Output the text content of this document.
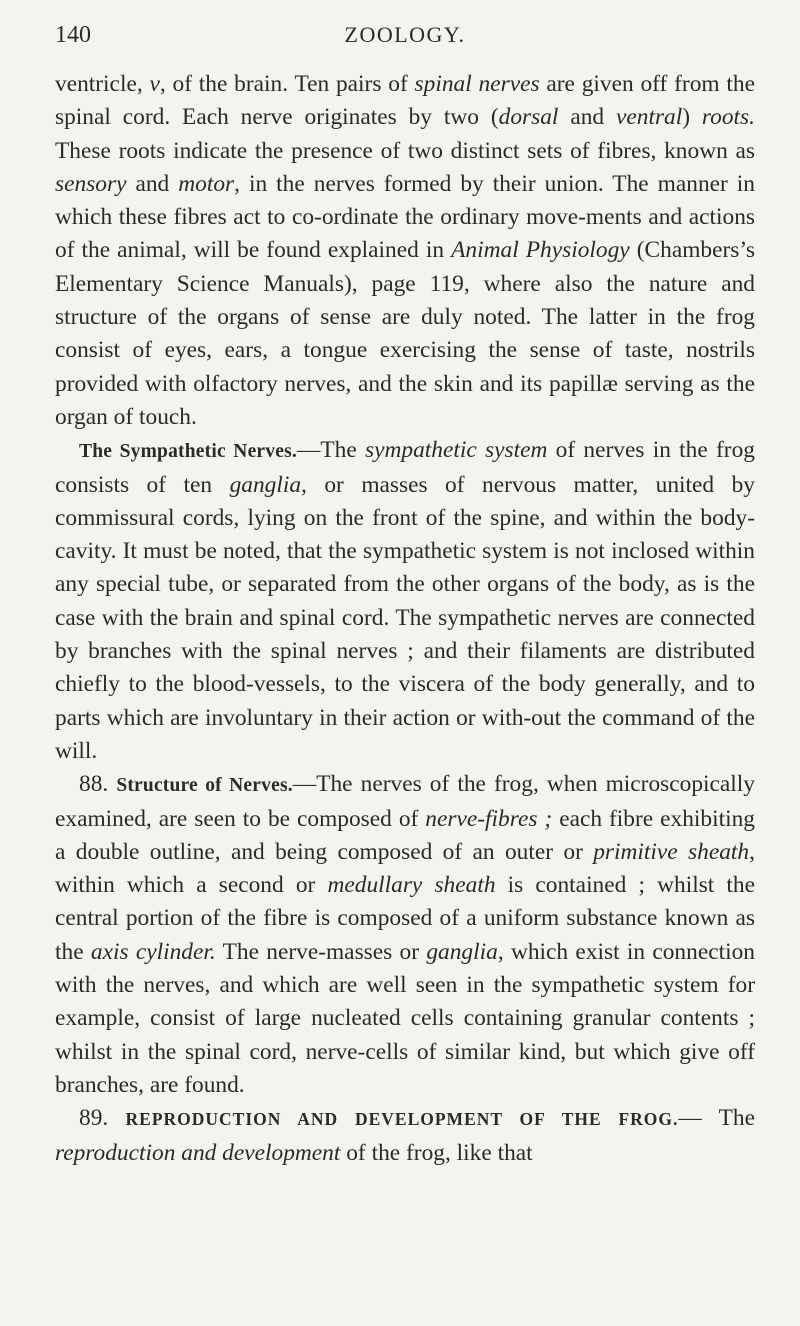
140	ZOOLOGY.

ventricle, v, of the brain. Ten pairs of spinal nerves are given off from the spinal cord. Each nerve originates by two (dorsal and ventral) roots. These roots indicate the presence of two distinct sets of fibres, known as sensory and motor, in the nerves formed by their union. The manner in which these fibres act to co-ordinate the ordinary move-ments and actions of the animal, will be found explained in Animal Physiology (Chambers’s Elementary Science Manuals), page 119, where also the nature and structure of the organs of sense are duly noted. The latter in the frog consist of eyes, ears, a tongue exercising the sense of taste, nostrils provided with olfactory nerves, and the skin and its papillæ serving as the organ of touch.

The Sympathetic Nerves.—The sympathetic system of nerves in the frog consists of ten ganglia, or masses of nervous matter, united by commissural cords, lying on the front of the spine, and within the body-cavity. It must be noted, that the sympathetic system is not inclosed within any special tube, or separated from the other organs of the body, as is the case with the brain and spinal cord. The sympathetic nerves are connected by branches with the spinal nerves ; and their filaments are distributed chiefly to the blood-vessels, to the viscera of the body generally, and to parts which are involuntary in their action or with-out the command of the will.

88. Structure of Nerves.—The nerves of the frog, when microscopically examined, are seen to be composed of nerve-fibres ; each fibre exhibiting a double outline, and being composed of an outer or primitive sheath, within which a second or medullary sheath is contained ; whilst the central portion of the fibre is composed of a uniform substance known as the axis cylinder. The nerve-masses or ganglia, which exist in connection with the nerves, and which are well seen in the sympathetic system for example, consist of large nucleated cells containing granular contents ; whilst in the spinal cord, nerve-cells of similar kind, but which give off branches, are found.

89. REPRODUCTION AND DEVELOPMENT OF THE FROG.— The reproduction and development of the frog, like that
